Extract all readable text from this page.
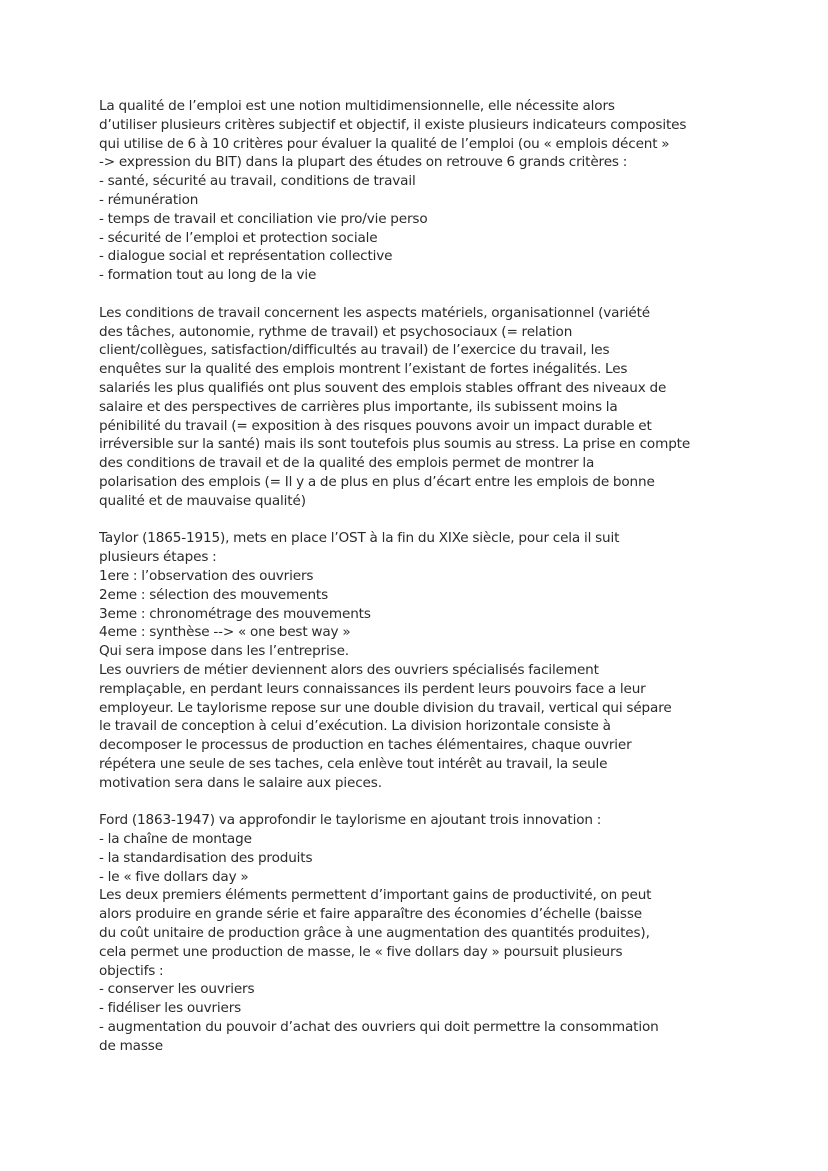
La qualité de l’emploi est une notion multidimensionnelle, elle nécessite alors
d’utiliser plusieurs critères subjectif et objectif, il existe plusieurs indicateurs composites
qui utilise de 6 à 10 critères pour évaluer la qualité de l’emploi (ou « emplois décent »
-> expression du BIT) dans la plupart des études on retrouve 6 grands critères :
- santé, sécurité au travail, conditions de travail
- rémunération
- temps de travail et conciliation vie pro/vie perso
- sécurité de l’emploi et protection sociale
- dialogue social et représentation collective
- formation tout au long de la vie
Les conditions de travail concernent les aspects matériels, organisationnel (variété
des tâches, autonomie, rythme de travail) et psychosociaux (= relation
client/collègues, satisfaction/difficultés au travail) de l’exercice du travail, les
enquêtes sur la qualité des emplois montrent l’existant de fortes inégalités. Les
salariés les plus qualifiés ont plus souvent des emplois stables offrant des niveaux de
salaire et des perspectives de carrières plus importante, ils subissent moins la
pénibilité du travail (= exposition à des risques pouvons avoir un impact durable et
irréversible sur la santé) mais ils sont toutefois plus soumis au stress. La prise en compte
des conditions de travail et de la qualité des emplois permet de montrer la
polarisation des emplois (= Il y a de plus en plus d’écart entre les emplois de bonne
qualité et de mauvaise qualité)
Taylor (1865-1915), mets en place l’OST à la fin du XIXe siècle, pour cela il suit
plusieurs étapes :
1ere : l’observation des ouvriers
2eme : sélection des mouvements
3eme : chronométrage des mouvements
4eme : synthèse --> « one best way »
Qui sera impose dans les l’entreprise.
Les ouvriers de métier deviennent alors des ouvriers spécialisés facilement
remplaçable, en perdant leurs connaissances ils perdent leurs pouvoirs face a leur
employeur. Le taylorisme repose sur une double division du travail, vertical qui sépare
le travail de conception à celui d’exécution. La division horizontale consiste à
decomposer le processus de production en taches élémentaires, chaque ouvrier
répétera une seule de ses taches, cela enlève tout intérêt au travail, la seule
motivation sera dans le salaire aux pieces.
Ford (1863-1947) va approfondir le taylorisme en ajoutant trois innovation :
- la chaîne de montage
- la standardisation des produits
- le « five dollars day »
Les deux premiers éléments permettent d’important gains de productivité, on peut
alors produire en grande série et faire apparaître des économies d’échelle (baisse
du coût unitaire de production grâce à une augmentation des quantités produites),
cela permet une production de masse, le « five dollars day » poursuit plusieurs
objectifs :
- conserver les ouvriers
- fidéliser les ouvriers
- augmentation du pouvoir d’achat des ouvriers qui doit permettre la consommation
de masse
